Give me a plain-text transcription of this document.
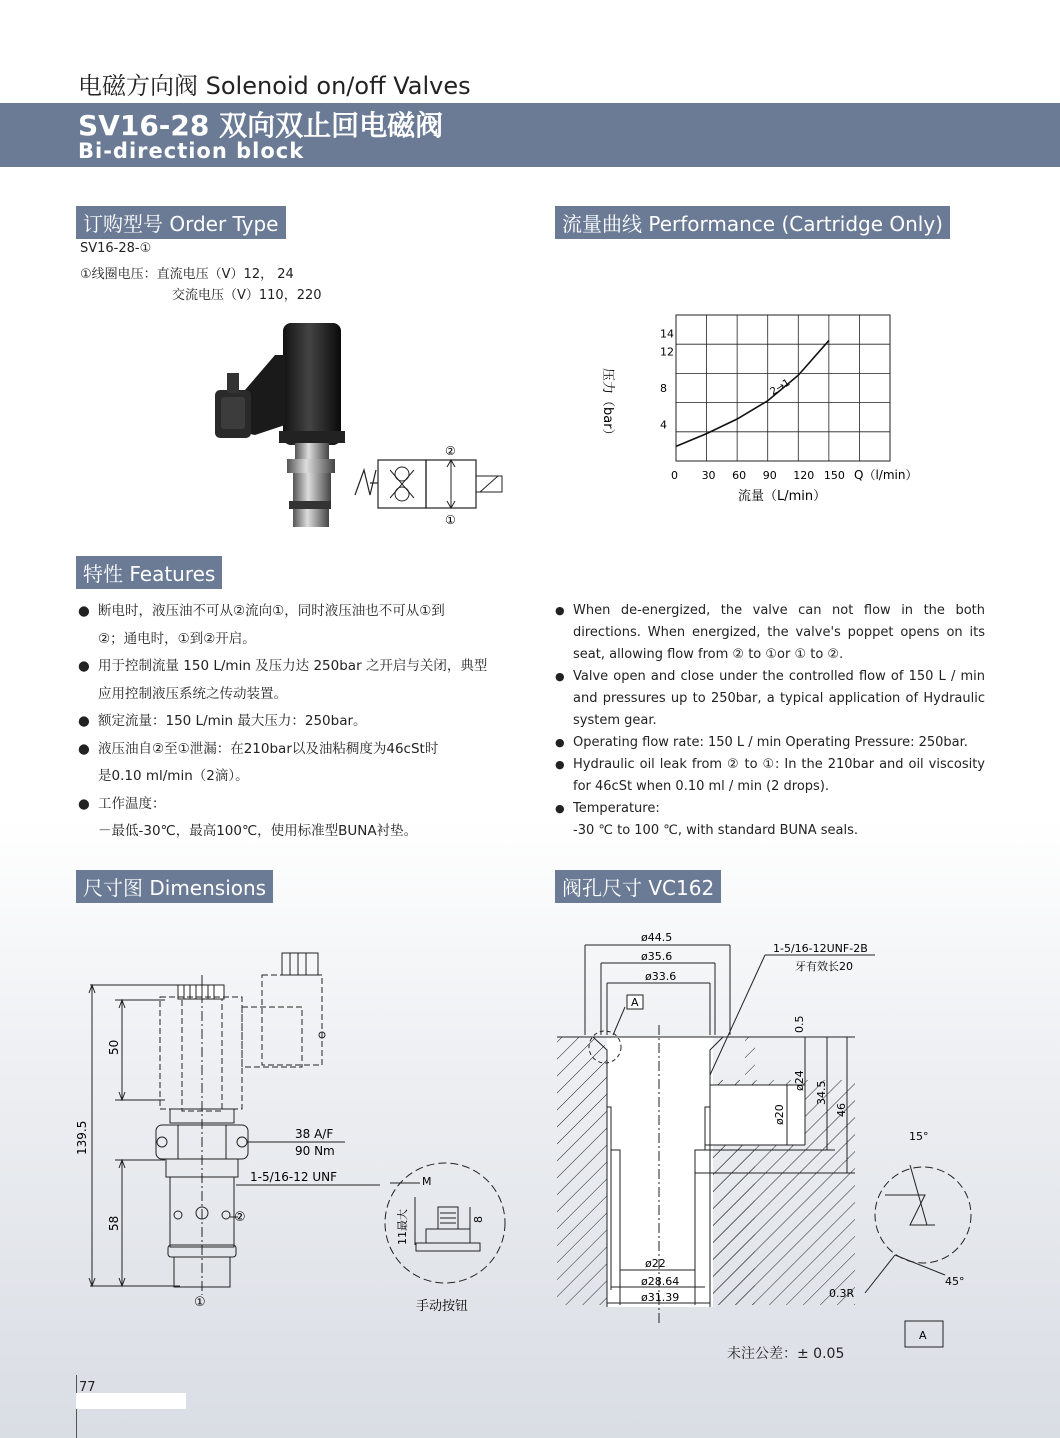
电磁方向阀 Solenoid on/off Valves
SV16-28 双向双止回电磁阀
Bi-direction block
订购型号 Order Type
SV16-28-①
①线圈电压：直流电压（V）12， 24
交流电压（V）110，220
流量曲线 Performance (Cartridge Only)
②
①
0 30 60 90 120 150
4
8
12
14
Q（l/min）
流量（L/min）
压力（bar）	2→1
特性 Features
● 断电时，液压油不可从②流向①，同时液压油也不可从①到
②；通电时，①到②开启。
● 用于控制流量 150 L/min 及压力达 250bar 之开启与关闭，典型
应用控制液压系统之传动装置。
● 额定流量：150 L/min 最大压力：250bar。
● 液压油自②至①泄漏：在210bar以及油粘稠度为46cSt时
是0.10 ml/min（2滴）。
● 工作温度：
－最低-30℃，最高100℃，使用标准型BUNA衬垫。
● When de-energized, the valve can not flow in the both directions. When energized, the valve's poppet opens on its seat, allowing flow from ② to ①or ① to ②.
● Valve open and close under the controlled flow of 150 L / min and pressures up to 250bar, a typical application of Hydraulic system gear.
● Operating flow rate: 150 L / min Operating Pressure: 250bar.
● Hydraulic oil leak from ② to ①: In the 210bar and oil viscosity for 46cSt when 0.10 ml / min (2 drops).
● Temperature:
-30 ℃ to 100 ℃, with standard BUNA seals.
尺寸图 Dimensions
50
139.5
58
38 A/F
90 Nm
1-5/16-12 UNF
②
①
M
11最大	8
手动按钮
阀孔尺寸 VC162
ø44.5
ø35.6
ø33.6
1-5/16-12UNF-2B
牙有效长20
A
0.5
ø24 34.5
46
ø20
ø22
ø28.64
ø31.39
15°
45°
0.3R
A
未注公差：± 0.05
77
